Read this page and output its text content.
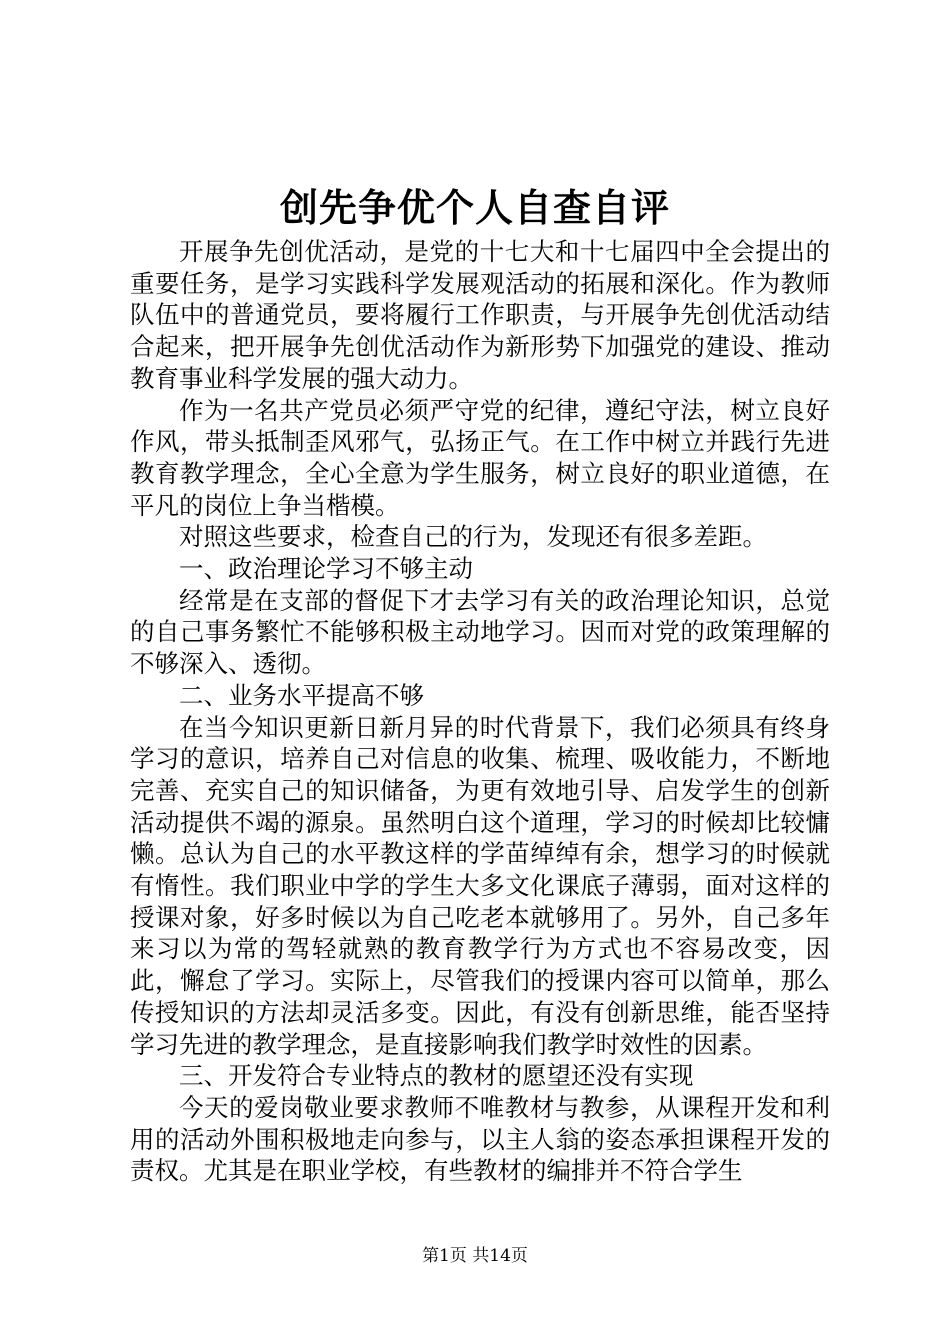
创先争优个人自查自评

开展争先创优活动，是党的十七大和十七届四中全会提出的重要任务，是学习实践科学发展观活动的拓展和深化。作为教师队伍中的普通党员，要将履行工作职责，与开展争先创优活动结合起来，把开展争先创优活动作为新形势下加强党的建设、推动教育事业科学发展的强大动力。

作为一名共产党员必须严守党的纪律，遵纪守法，树立良好作风，带头抵制歪风邪气，弘扬正气。在工作中树立并践行先进教育教学理念，全心全意为学生服务，树立良好的职业道德，在平凡的岗位上争当楷模。

对照这些要求，检查自己的行为，发现还有很多差距。

一、政治理论学习不够主动

经常是在支部的督促下才去学习有关的政治理论知识，总觉的自己事务繁忙不能够积极主动地学习。因而对党的政策理解的不够深入、透彻。

二、业务水平提高不够

在当今知识更新日新月异的时代背景下，我们必须具有终身学习的意识，培养自己对信息的收集、梳理、吸收能力，不断地完善、充实自己的知识储备，为更有效地引导、启发学生的创新活动提供不竭的源泉。虽然明白这个道理，学习的时候却比较慵懒。总认为自己的水平教这样的学苗绰绰有余，想学习的时候就有惰性。我们职业中学的学生大多文化课底子薄弱，面对这样的授课对象，好多时候以为自己吃老本就够用了。另外，自己多年来习以为常的驾轻就熟的教育教学行为方式也不容易改变，因此，懈怠了学习。实际上，尽管我们的授课内容可以简单，那么传授知识的方法却灵活多变。因此，有没有创新思维，能否坚持学习先进的教学理念，是直接影响我们教学时效性的因素。

三、开发符合专业特点的教材的愿望还没有实现

今天的爱岗敬业要求教师不唯教材与教参，从课程开发和利用的活动外围积极地走向参与，以主人翁的姿态承担课程开发的责权。尤其是在职业学校，有些教材的编排并不符合学生

第1页 共14页
